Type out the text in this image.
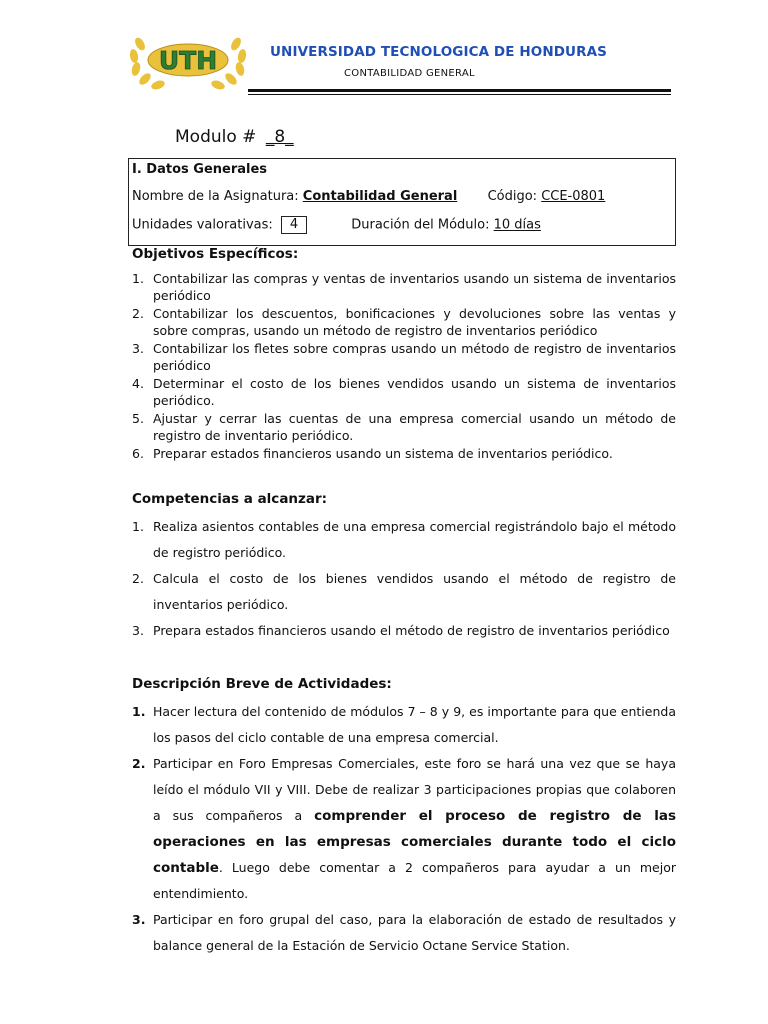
UTH	UNIVERSIDAD TECNOLOGICA DE HONDURAS
CONTABILIDAD GENERAL
Modulo # _8_
I. Datos Generales
Nombre de la Asignatura: Contabilidad General Código: CCE-0801
Unidades valorativas: 4	Duración del Módulo: 10 días
Objetivos Específicos:
1. Contabilizar las compras y ventas de inventarios usando un sistema de inventarios periódico
2. Contabilizar los descuentos, bonificaciones y devoluciones sobre las ventas y sobre compras, usando un método de registro de inventarios periódico
3. Contabilizar los fletes sobre compras usando un método de registro de inventarios periódico
4. Determinar el costo de los bienes vendidos usando un sistema de inventarios periódico.
5. Ajustar y cerrar las cuentas de una empresa comercial usando un método de registro de inventario periódico.
6. Preparar estados financieros usando un sistema de inventarios periódico.
Competencias a alcanzar:
1. Realiza asientos contables de una empresa comercial registrándolo bajo el método de registro periódico.
2. Calcula el costo de los bienes vendidos usando el método de registro de inventarios periódico.
3. Prepara estados financieros usando el método de registro de inventarios periódico
Descripción Breve de Actividades:
1. Hacer lectura del contenido de módulos 7 – 8 y 9, es importante para que entienda los pasos del ciclo contable de una empresa comercial.
2. Participar en Foro Empresas Comerciales, este foro se hará una vez que se haya leído el módulo VII y VIII. Debe de realizar 3 participaciones propias que colaboren a sus compañeros a comprender el proceso de registro de las operaciones en las empresas comerciales durante todo el ciclo contable. Luego debe comentar a 2 compañeros para ayudar a un mejor entendimiento.
3. Participar en foro grupal del caso, para la elaboración de estado de resultados y balance general de la Estación de Servicio Octane Service Station.
